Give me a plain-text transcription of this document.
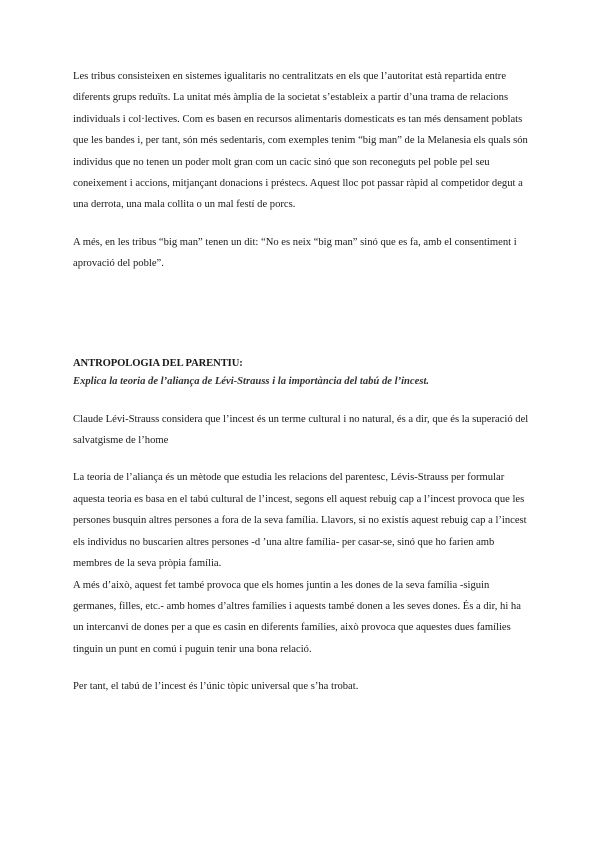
Les tribus consisteixen en sistemes igualitaris no centralitzats en els que l’autoritat està repartida entre diferents grups reduïts. La unitat més àmplia de la societat s’estableix a partir d’una trama de relacions individuals i col·lectives. Com es basen en recursos alimentaris domesticats es tan més densament poblats que les bandes i, per tant, són més sedentaris, com exemples tenim “big man” de la Melanesia els quals són individus que no tenen un poder molt gran com un cacic sinó que son reconeguts pel poble pel seu coneixement i accions, mitjançant donacions i préstecs. Aquest lloc pot passar ràpid al competidor degut a una derrota, una mala collita o un mal festí de porcs.

A més, en les tribus “big man” tenen un dit: “No es neix “big man” sinó que es fa, amb el consentiment i aprovació del poble”.

ANTROPOLOGIA DEL PARENTIU:

Explica la teoria de l’aliança de Lévi-Strauss i la importància del tabú de l’incest.

Claude Lévi-Strauss considera que l’incest és un terme cultural i no natural, és a dir, que és la superació del salvatgisme de l’home

La teoria de l’aliança és un mètode que estudia les relacions del parentesc, Lévis-Strauss per formular aquesta teoria es basa en el tabú cultural de l’incest, segons ell aquest rebuig cap a l’incest provoca que les persones busquin altres persones a fora de la seva família. Llavors, si no existís aquest rebuig cap a l’incest els individus no buscarien altres persones -d ’una altre família- per casar-se, sinó que ho farien amb membres de la seva pròpia família.

A més d’això, aquest fet també provoca que els homes juntin a les dones de la seva família -siguin germanes, filles, etc.- amb homes d’altres famílies i aquests també donen a les seves dones. És a dir, hi ha un intercanvi de dones per a que es casin en diferents famílies, això provoca que aquestes dues famílies tinguin un punt en comú i puguin tenir una bona relació.

Per tant, el tabú de l’incest és l’únic tòpic universal que s’ha trobat.
